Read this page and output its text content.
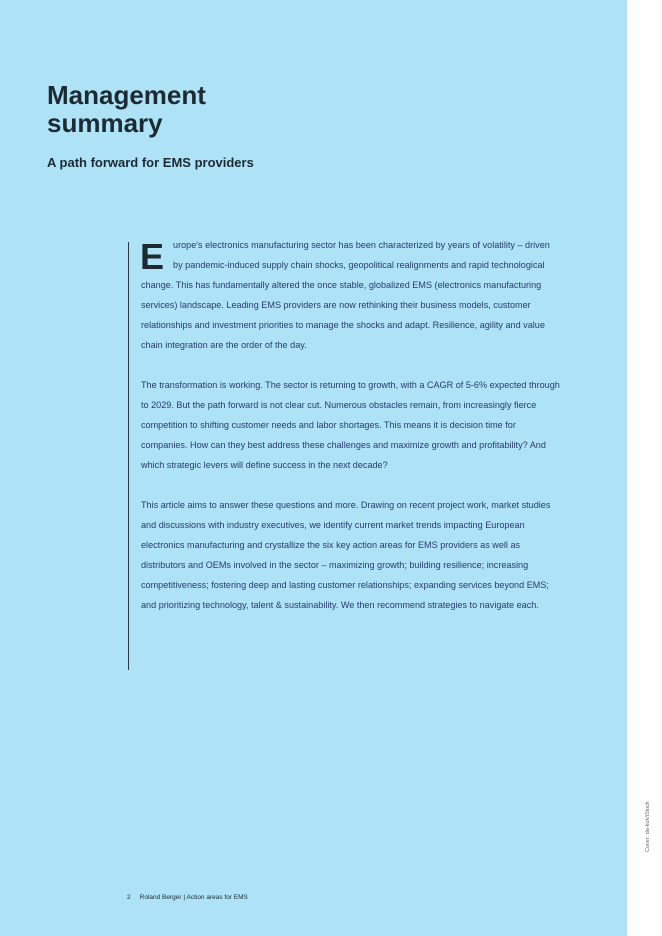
Management summary
A path forward for EMS providers

Europe's electronics manufacturing sector has been characterized by years of volatility – driven by pandemic-induced supply chain shocks, geopolitical realignments and rapid technological change. This has fundamentally altered the once stable, globalized EMS (electronics manufacturing services) landscape. Leading EMS providers are now rethinking their business models, customer relationships and investment priorities to manage the shocks and adapt. Resilience, agility and value chain integration are the order of the day.

The transformation is working. The sector is returning to growth, with a CAGR of 5-6% expected through to 2029. But the path forward is not clear cut. Numerous obstacles remain, from increasingly fierce competition to shifting customer needs and labor shortages. This means it is decision time for companies. How can they best address these challenges and maximize growth and profitability? And which strategic levers will define success in the next decade?

This article aims to answer these questions and more. Drawing on recent project work, market studies and discussions with industry executives, we identify current market trends impacting European electronics manufacturing and crystallize the six key action areas for EMS providers as well as distributors and OEMs involved in the sector – maximizing growth; building resilience; increasing competitiveness; fostering deep and lasting customer relationships; expanding services beyond EMS; and prioritizing technology, talent & sustainability. We then recommend strategies to navigate each.

2 Roland Berger | Action areas for EMS
Cover: da-kuk/iStock
